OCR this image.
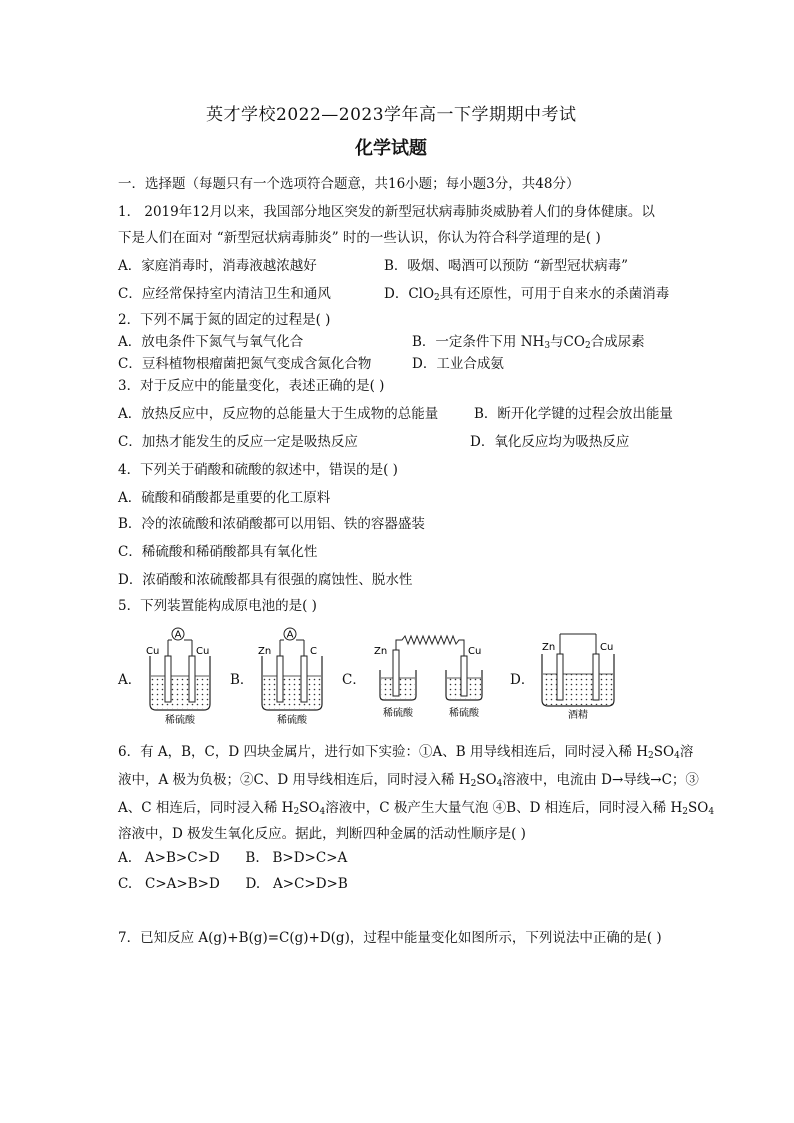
英才学校2022—2023学年高一下学期期中考试
化学试题
一．选择题（每题只有一个选项符合题意，共16小题；每小题3分，共48分）
1． 2019年12月以来，我国部分地区突发的新型冠状病毒肺炎威胁着人们的身体健康。以
下是人们在面对 “新型冠状病毒肺炎” 时的一些认识，你认为符合科学道理的是( )
A．家庭消毒时，消毒液越浓越好	B．吸烟、喝酒可以预防 “新型冠状病毒”
C．应经常保持室内清洁卫生和通风	D．ClO$_2$具有还原性，可用于自来水的杀菌消毒
2．下列不属于氮的固定的过程是( )
A．放电条件下氮气与氧气化合	B．一定条件下用 $NH_3$与$CO_2$合成尿素
C．豆科植物根瘤菌把氮气变成含氮化合物	D．工业合成氨
3．对于反应中的能量变化，表述正确的是( )
A．放热反应中，反应物的总能量大于生成物的总能量	B．断开化学键的过程会放出能量
C．加热才能发生的反应一定是吸热反应	D．氧化反应均为吸热反应
4．下列关于硝酸和硫酸的叙述中，错误的是( )
A．硫酸和硝酸都是重要的化工原料
B．冷的浓硫酸和浓硝酸都可以用铝、铁的容器盛装
C．稀硫酸和稀硝酸都具有氧化性
D．浓硝酸和浓硫酸都具有很强的腐蚀性、脱水性
5．下列装置能构成原电池的是( )
A．
A
Cu	Cu
稀硫酸
B．
A
Zn	C
稀硫酸
C．
Zn	Cu
稀硫酸	稀硫酸
D．
Zn	Cu
酒精
6．有 A，B，C，D 四块金属片，进行如下实验：①A、B 用导线相连后，同时浸入稀 $H_2SO_4$溶
液中，A 极为负极；②C、D 用导线相连后，同时浸入稀 $H_2SO_4$溶液中，电流由 D→导线→C；③
A、C 相连后，同时浸入稀 $H_2SO_4$溶液中，C 极产生大量气泡 ④B、D 相连后，同时浸入稀 $H_2SO_4$
溶液中，D 极发生氧化反应。据此，判断四种金属的活动性顺序是( )
A.   A>B>C>D      B.   B>D>C>A
C.   C>A>B>D      D.   A>C>D>B
7．已知反应 A(g)+B(g)=C(g)+D(g)，过程中能量变化如图所示，下列说法中正确的是( )
